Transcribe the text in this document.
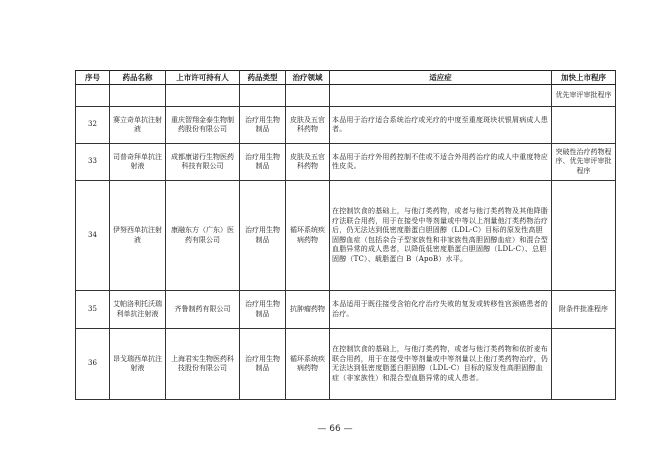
序号	药品名称	上市许可持有人	药品类型	治疗领域	适应症	加快上市程序
						优先审评审批程序
32	赛立奇单抗注射液	重庆智翔金泰生物制药股份有限公司	治疗用生物制品	皮肤及五官科药物	本品用于治疗适合系统治疗或光疗的中度至重度斑块状银屑病成人患者。	
33	司普奇拜单抗注射液	成都康诺行生物医药科技有限公司	治疗用生物制品	皮肤及五官科药物	本品用于治疗外用药控制不佳或不适合外用药治疗的成人中重度特应性皮炎。	突破性治疗药物程序、优先审评审批程序
34	伊努西单抗注射液	康融东方（广东）医药有限公司	治疗用生物制品	循环系统疾病药物	在控制饮食的基础上，与他汀类药物，或者与他汀类药物及其他降脂疗法联合用药，用于在接受中等剂量或中等以上剂量他汀类药物治疗后，仍无法达到低密度脂蛋白胆固醇（LDL-C）目标的原发性高胆固醇血症（包括杂合子型家族性和非家族性高胆固醇血症）和混合型血脂异常的成人患者，以降低低密度脂蛋白胆固醇（LDL-C）、总胆固醇（TC）、载脂蛋白 B（ApoB）水平。	
35	艾帕洛利托沃瑞利单抗注射液	齐鲁制药有限公司	治疗用生物制品	抗肿瘤药物	本品适用于既往接受含铂化疗治疗失败的复发或转移性宫颈癌患者的治疗。	附条件批准程序
36	昂戈瑞西单抗注射液	上海君实生物医药科技股份有限公司	治疗用生物制品	循环系统疾病药物	在控制饮食的基础上，与他汀类药物，或者与他汀类药物和依折麦布联合用药，用于在接受中等剂量或中等剂量以上他汀类药物治疗，仍无法达到低密度脂蛋白胆固醇（LDL-C）目标的原发性高胆固醇血症（非家族性）和混合型血脂异常的成人患者。	
— 66 —
